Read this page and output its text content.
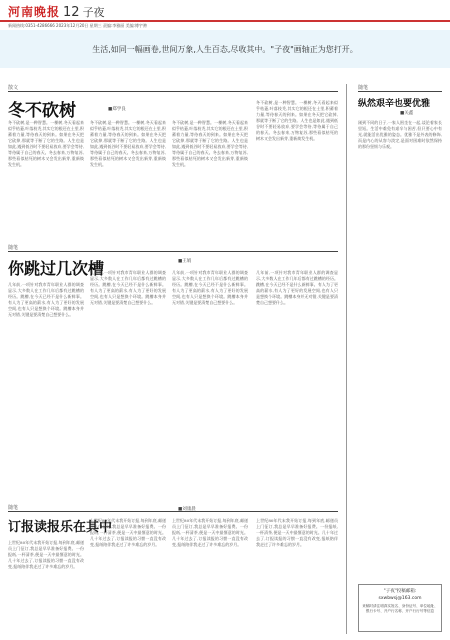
河南晚报 12 子夜
新闻热线:0351-4286666 2023年12月20日 星期三 责编:李雅丽 美编:傅宇骋
生活,如同一幅画卷,世间万象,人生百态,尽收其中。"子夜"画轴正为您打开。
散文
冬不砍树	■郑学良
冬不砍树,是一种智慧。一棵树,冬天看起来似乎枯萎,叶落枝秃,其实它的根还在土里,积蓄着力量,等待春天的到来。如果在冬天把它砍掉,那就等于断了它的生路。人生也是如此,遇到低谷时不要轻易放弃,要学会等待,等待属于自己的春天。冬去春来,万物复苏,那些看似枯死的树木又会发出新芽,重新焕发生机。
冬不砍树,是一种智慧。一棵树,冬天看起来似乎枯萎,叶落枝秃,其实它的根还在土里,积蓄着力量,等待春天的到来。如果在冬天把它砍掉,那就等于断了它的生路。人生也是如此,遇到低谷时不要轻易放弃,要学会等待,等待属于自己的春天。冬去春来,万物复苏,那些看似枯死的树木又会发出新芽,重新焕发生机。
冬不砍树,是一种智慧。一棵树,冬天看起来似乎枯萎,叶落枝秃,其实它的根还在土里,积蓄着力量,等待春天的到来。如果在冬天把它砍掉,那就等于断了它的生路。人生也是如此,遇到低谷时不要轻易放弃,要学会等待,等待属于自己的春天。冬去春来,万物复苏,那些看似枯死的树木又会发出新芽,重新焕发生机。
冬不砍树,是一种智慧。一棵树,冬天看起来似乎枯萎,叶落枝秃,其实它的根还在土里,积蓄着力量,等待春天的到来。如果在冬天把它砍掉,那就等于断了它的生路。人生也是如此,遇到低谷时不要轻易放弃,要学会等待,等待属于自己的春天。冬去春来,万物复苏,那些看似枯死的树木又会发出新芽,重新焕发生机。
随笔
你跳过几次槽	■王娟
几年前,一项针对我市青年职业人群的调查显示,大多数人在工作几年后都有过跳槽的经历。跳槽,在今天已经不是什么新鲜事。有人为了更高的薪水,有人为了更好的发展空间,也有人只是想换个环境。跳槽本身并无对错,关键是要清楚自己想要什么。
几年前,一项针对我市青年职业人群的调查显示,大多数人在工作几年后都有过跳槽的经历。跳槽,在今天已经不是什么新鲜事。有人为了更高的薪水,有人为了更好的发展空间,也有人只是想换个环境。跳槽本身并无对错,关键是要清楚自己想要什么。
几年前,一项针对我市青年职业人群的调查显示,大多数人在工作几年后都有过跳槽的经历。跳槽,在今天已经不是什么新鲜事。有人为了更高的薪水,有人为了更好的发展空间,也有人只是想换个环境。跳槽本身并无对错,关键是要清楚自己想要什么。
几年前,一项针对我市青年职业人群的调查显示,大多数人在工作几年后都有过跳槽的经历。跳槽,在今天已经不是什么新鲜事。有人为了更高的薪水,有人为了更好的发展空间,也有人只是想换个环境。跳槽本身并无对错,关键是要清楚自己想要什么。
随笔
订报读报乐在其中
■刘康晨
上世纪80年代末我开始订报,每到年底,邮递员上门征订,我总是早早准备好报费。一份报纸,一杯清茶,便是一天中最惬意的时光。几十年过去了,订报读报的习惯一直没有改变,报纸陪伴我走过了许多难忘的岁月。
上世纪80年代末我开始订报,每到年底,邮递员上门征订,我总是早早准备好报费。一份报纸,一杯清茶,便是一天中最惬意的时光。几十年过去了,订报读报的习惯一直没有改变,报纸陪伴我走过了许多难忘的岁月。
上世纪80年代末我开始订报,每到年底,邮递员上门征订,我总是早早准备好报费。一份报纸,一杯清茶,便是一天中最惬意的时光。几十年过去了,订报读报的习惯一直没有改变,报纸陪伴我走过了许多难忘的岁月。
上世纪80年代末我开始订报,每到年底,邮递员上门征订,我总是早早准备好报费。一份报纸,一杯清茶,便是一天中最惬意的时光。几十年过去了,订报读报的习惯一直没有改变,报纸陪伴我走过了许多难忘的岁月。
随笔
纵然艰辛也要优雅
■关鑫
刚到不同的日子,一家人围坐在一起,谈论着家长里短。生活中难免有艰辛与困苦,但只要心中有光,就能活出优雅的姿态。优雅不是外表的修饰,而是内心的从容与淡定,是面对困难时依然保持的那份坚韧与乐观。
"子夜"投稿邮箱:
sxwbwsj@163.com
来稿时请注明真实姓名、身份证号、单位地址、银行卡号、开户行名称、开户行行号等信息
